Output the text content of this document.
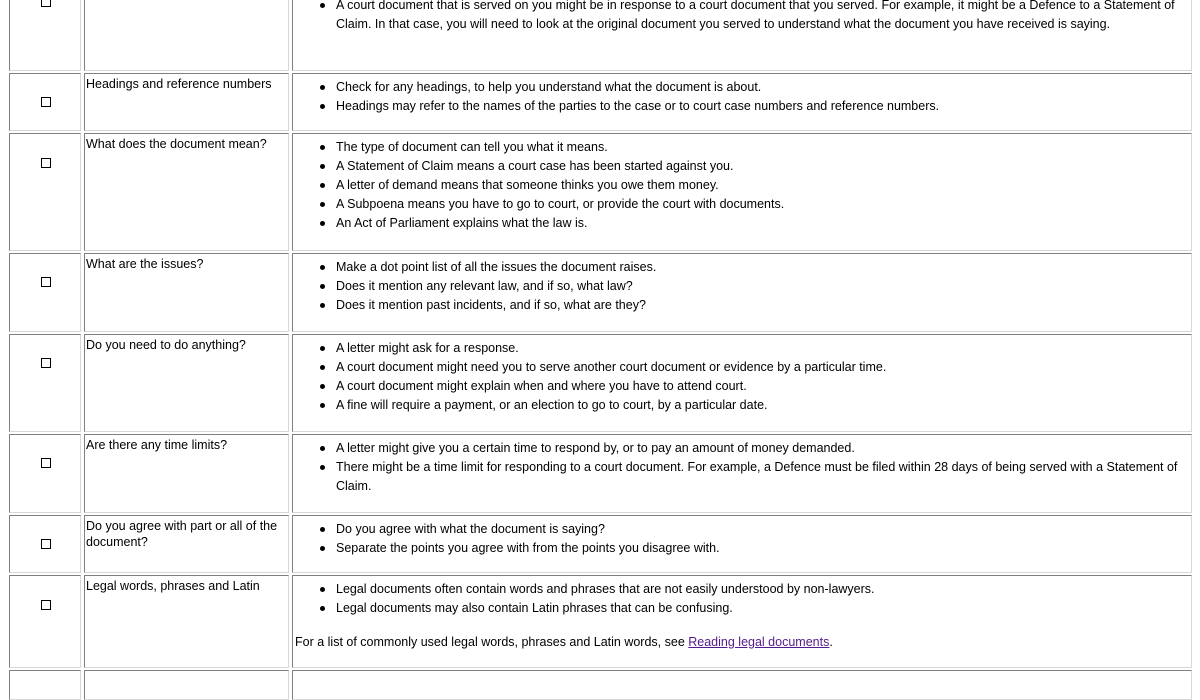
A court document that is served on you might be in response to a court document that you served. For example, it might be a Defence to a Statement of Claim. In that case, you will need to look at the original document you served to understand what the document you have received is saying.
Headings and reference numbers	Check for any headings, to help you understand what the document is about.
Headings may refer to the names of the parties to the case or to court case numbers and reference numbers.
What does the document mean?	The type of document can tell you what it means.
A Statement of Claim means a court case has been started against you.
A letter of demand means that someone thinks you owe them money.
A Subpoena means you have to go to court, or provide the court with documents.
An Act of Parliament explains what the law is.
What are the issues?	Make a dot point list of all the issues the document raises.
Does it mention any relevant law, and if so, what law?
Does it mention past incidents, and if so, what are they?
Do you need to do anything?	A letter might ask for a response.
A court document might need you to serve another court document or evidence by a particular time.
A court document might explain when and where you have to attend court.
A fine will require a payment, or an election to go to court, by a particular date.
Are there any time limits?	A letter might give you a certain time to respond by, or to pay an amount of money demanded.
There might be a time limit for responding to a court document. For example, a Defence must be filed within 28 days of being served with a Statement of Claim.
Do you agree with part or all of the document?
Do you agree with what the document is saying?
Separate the points you agree with from the points you disagree with.
Legal words, phrases and Latin	Legal documents often contain words and phrases that are not easily understood by non-lawyers.
Legal documents may also contain Latin phrases that can be confusing.
For a list of commonly used legal words, phrases and Latin words, see Reading legal documents.
